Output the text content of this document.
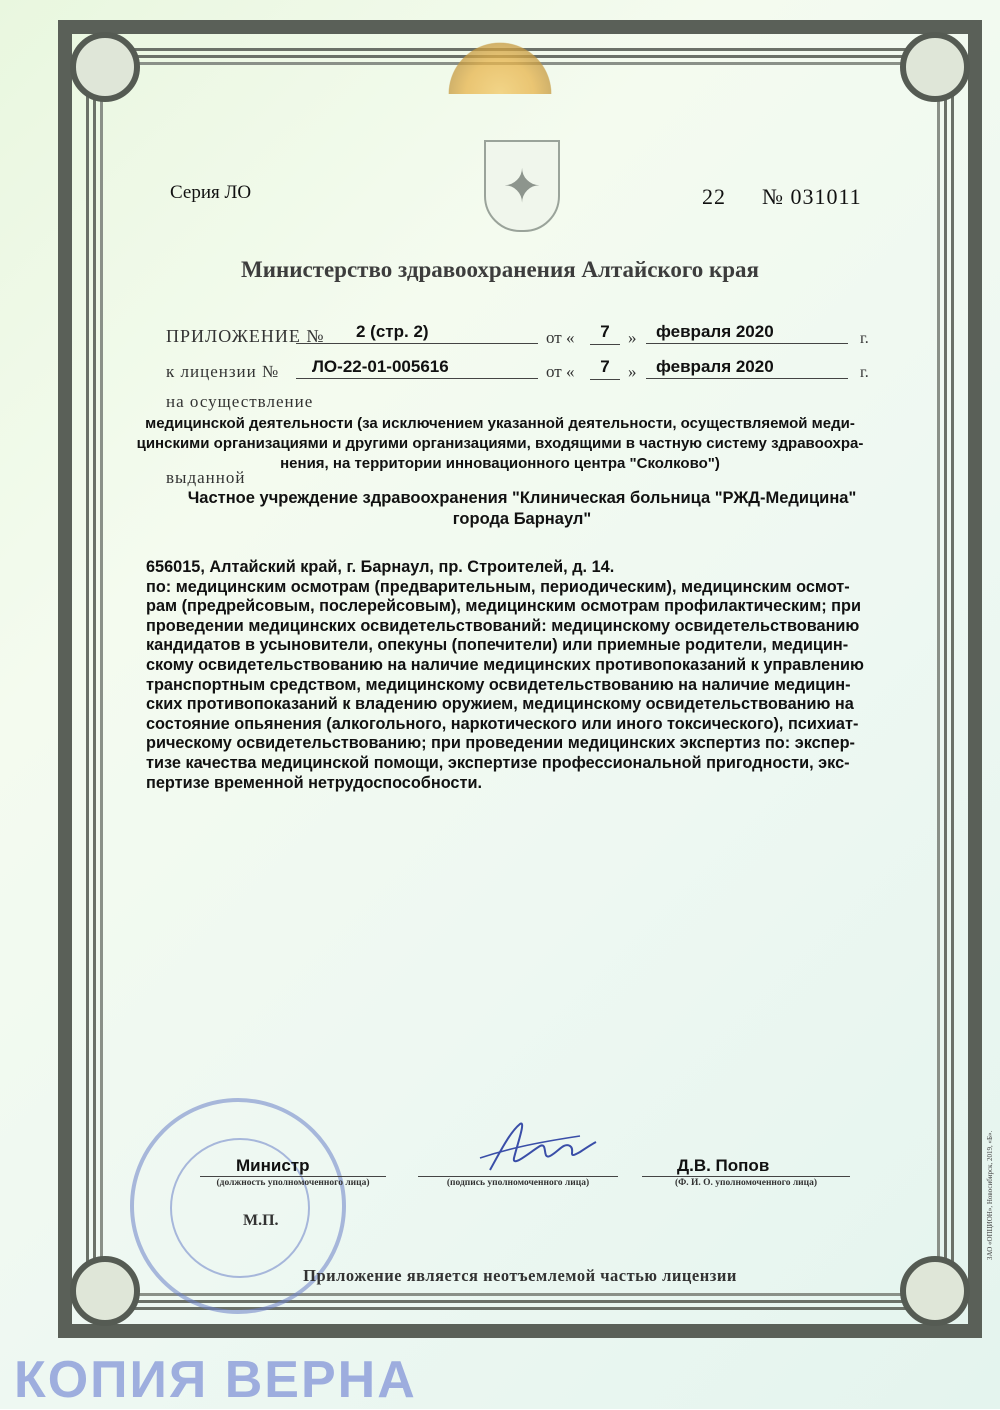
✦
Серия ЛО	22 № 031011
Министерство здравоохранения Алтайского края
ПРИЛОЖЕНИЕ №	2 (стр. 2)	от «	7	»	февраля 2020	г.
к лицензии №	ЛО-22-01-005616	от «	7	»	февраля 2020	г.
на осуществление
медицинской деятельности (за исключением указанной деятельности, осуществляемой меди-
цинскими организациями и другими организациями, входящими в частную систему здравоохра-
нения, на территории инновационного центра "Сколково")
выданной
Частное учреждение здравоохранения "Клиническая больница "РЖД-Медицина"
города Барнаул"
656015, Алтайский край, г. Барнаул, пр. Строителей, д. 14.
по: медицинским осмотрам (предварительным, периодическим), медицинским осмот-
рам (предрейсовым, послерейсовым), медицинским осмотрам профилактическим; при
проведении медицинских освидетельствований: медицинскому освидетельствованию
кандидатов в усыновители, опекуны (попечители) или приемные родители, медицин-
скому освидетельствованию на наличие медицинских противопоказаний к управлению
транспортным средством, медицинскому освидетельствованию на наличие медицин-
ских противопоказаний к владению оружием, медицинскому освидетельствованию на
состояние опьянения (алкогольного, наркотического или иного токсического), психиат-
рическому освидетельствованию; при проведении медицинских экспертиз по: экспер-
тизе качества медицинской помощи, экспертизе профессиональной пригодности, экс-
пертизе временной нетрудоспособности.
Министр
(должность уполномоченного лица)	(подпись уполномоченного лица)
Д.В. Попов
(Ф. И. О. уполномоченного лица)
М.П.
Приложение является неотъемлемой частью лицензии
ЗАО «ОПЦИОН», Новосибирск, 2019, «Б».
КОПИЯ ВЕРНА
